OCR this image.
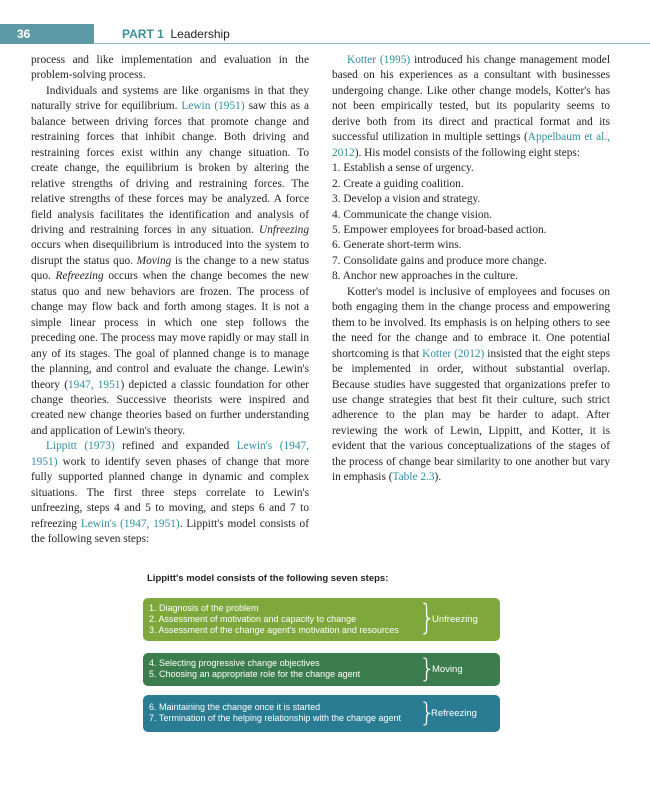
36	PART 1 Leadership

process and like implementation and evaluation in the problem-solving process.

Individuals and systems are like organisms in that they naturally strive for equilibrium. Lewin (1951) saw this as a balance between driving forces that promote change and restraining forces that inhibit change. Both driving and restraining forces exist within any change situation. To create change, the equilibrium is broken by altering the relative strengths of driving and restraining forces. The relative strengths of these forces may be analyzed. A force field analysis facilitates the identification and analysis of driving and restraining forces in any situation. Unfreezing occurs when disequilibrium is introduced into the system to disrupt the status quo. Moving is the change to a new status quo. Refreezing occurs when the change becomes the new status quo and new behaviors are frozen. The process of change may flow back and forth among stages. It is not a simple linear process in which one step follows the preceding one. The process may move rapidly or may stall in any of its stages. The goal of planned change is to manage the planning, and control and evaluate the change. Lewin's theory (1947, 1951) depicted a classic foundation for other change theories. Successive theorists were inspired and created new change theories based on further understanding and application of Lewin's theory.

Lippitt (1973) refined and expanded Lewin's (1947, 1951) work to identify seven phases of change that more fully supported planned change in dynamic and complex situations. The first three steps correlate to Lewin's unfreezing, steps 4 and 5 to moving, and steps 6 and 7 to refreezing Lewin's (1947, 1951). Lippitt's model consists of the following seven steps:

Kotter (1995) introduced his change management model based on his experiences as a consultant with businesses undergoing change. Like other change models, Kotter's has not been empirically tested, but its popularity seems to derive both from its direct and practical format and its successful utilization in multiple settings (Appelbaum et al., 2012). His model consists of the following eight steps:

1. Establish a sense of urgency.
2. Create a guiding coalition.
3. Develop a vision and strategy.
4. Communicate the change vision.
5. Empower employees for broad-based action.
6. Generate short-term wins.
7. Consolidate gains and produce more change.
8. Anchor new approaches in the culture.

Kotter's model is inclusive of employees and focuses on both engaging them in the change process and empowering them to be involved. Its emphasis is on helping others to see the need for the change and to embrace it. One potential shortcoming is that Kotter (2012) insisted that the eight steps be implemented in order, without substantial overlap. Because studies have suggested that organizations prefer to use change strategies that best fit their culture, such strict adherence to the plan may be harder to adapt. After reviewing the work of Lewin, Lippitt, and Kotter, it is evident that the various conceptualizations of the stages of the process of change bear similarity to one another but vary in emphasis (Table 2.3).

Lippitt's model consists of the following seven steps:
1. Diagnosis of the problem
2. Assessment of motivation and capacity to change
3. Assessment of the change agent's motivation and resources }
Unfreezing
4. Selecting progressive change objectives
5. Choosing an appropriate role for the change agent }
Moving
6. Maintaining the change once it is started
7. Termination of the helping relationship with the change agent }
Refreezing
